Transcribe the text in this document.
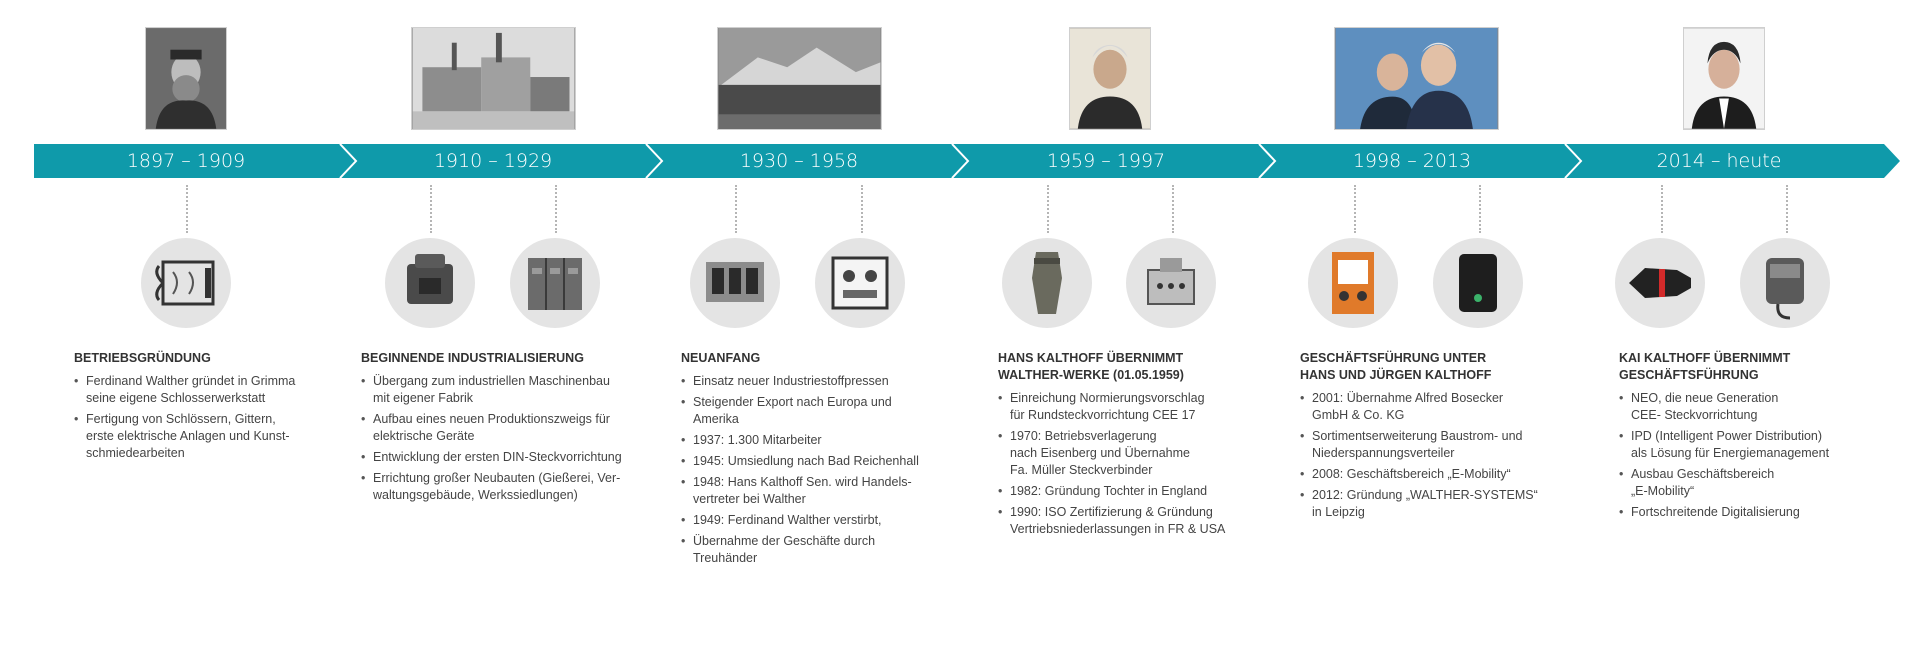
1897 – 1909	1910 – 1929	1930 – 1958	1959 – 1997	1998 – 2013	2014 – heute
BETRIEBSGRÜNDUNG
• Ferdinand Walther gründet in Grimma
seine eigene Schlosserwerkstatt
• Fertigung von Schlössern, Gittern,
erste elektrische Anlagen und Kunst-
schmiedearbeiten
BEGINNENDE INDUSTRIALISIERUNG
• Übergang zum industriellen Maschinenbau
mit eigener Fabrik
• Aufbau eines neuen Produktionszweigs für
elektrische Geräte
• Entwicklung der ersten DIN-Steckvorrichtung
• Errichtung großer Neubauten (Gießerei, Ver-
waltungsgebäude, Werkssiedlungen)
NEUANFANG
• Einsatz neuer Industriestoffpressen
• Steigender Export nach Europa und
Amerika
• 1937: 1.300 Mitarbeiter
• 1945: Umsiedlung nach Bad Reichenhall
• 1948: Hans Kalthoff Sen. wird Handels-
vertreter bei Walther
• 1949: Ferdinand Walther verstirbt,
• Übernahme der Geschäfte durch
Treuhänder
HANS KALTHOFF ÜBERNIMMT
WALTHER-WERKE (01.05.1959)
• Einreichung Normierungsvorschlag
für Rundsteckvorrichtung CEE 17
• 1970: Betriebsverlagerung
nach Eisenberg und Übernahme
Fa. Müller Steckverbinder
• 1982: Gründung Tochter in England
• 1990: ISO Zertifizierung & Gründung
Vertriebsniederlassungen in FR & USA
GESCHÄFTSFÜHRUNG UNTER
HANS UND JÜRGEN KALTHOFF
• 2001: Übernahme Alfred Bosecker
GmbH & Co. KG
• Sortimentserweiterung Baustrom- und
Niederspannungsverteiler
• 2008: Geschäftsbereich „E-Mobility“
• 2012: Gründung „WALTHER-SYSTEMS“
in Leipzig
KAI KALTHOFF ÜBERNIMMT
GESCHÄFTSFÜHRUNG
• NEO, die neue Generation
CEE- Steckvorrichtung
• IPD (Intelligent Power Distribution)
als Lösung für Energiemanagement
• Ausbau Geschäftsbereich
„E-Mobility“
• Fortschreitende Digitalisierung
